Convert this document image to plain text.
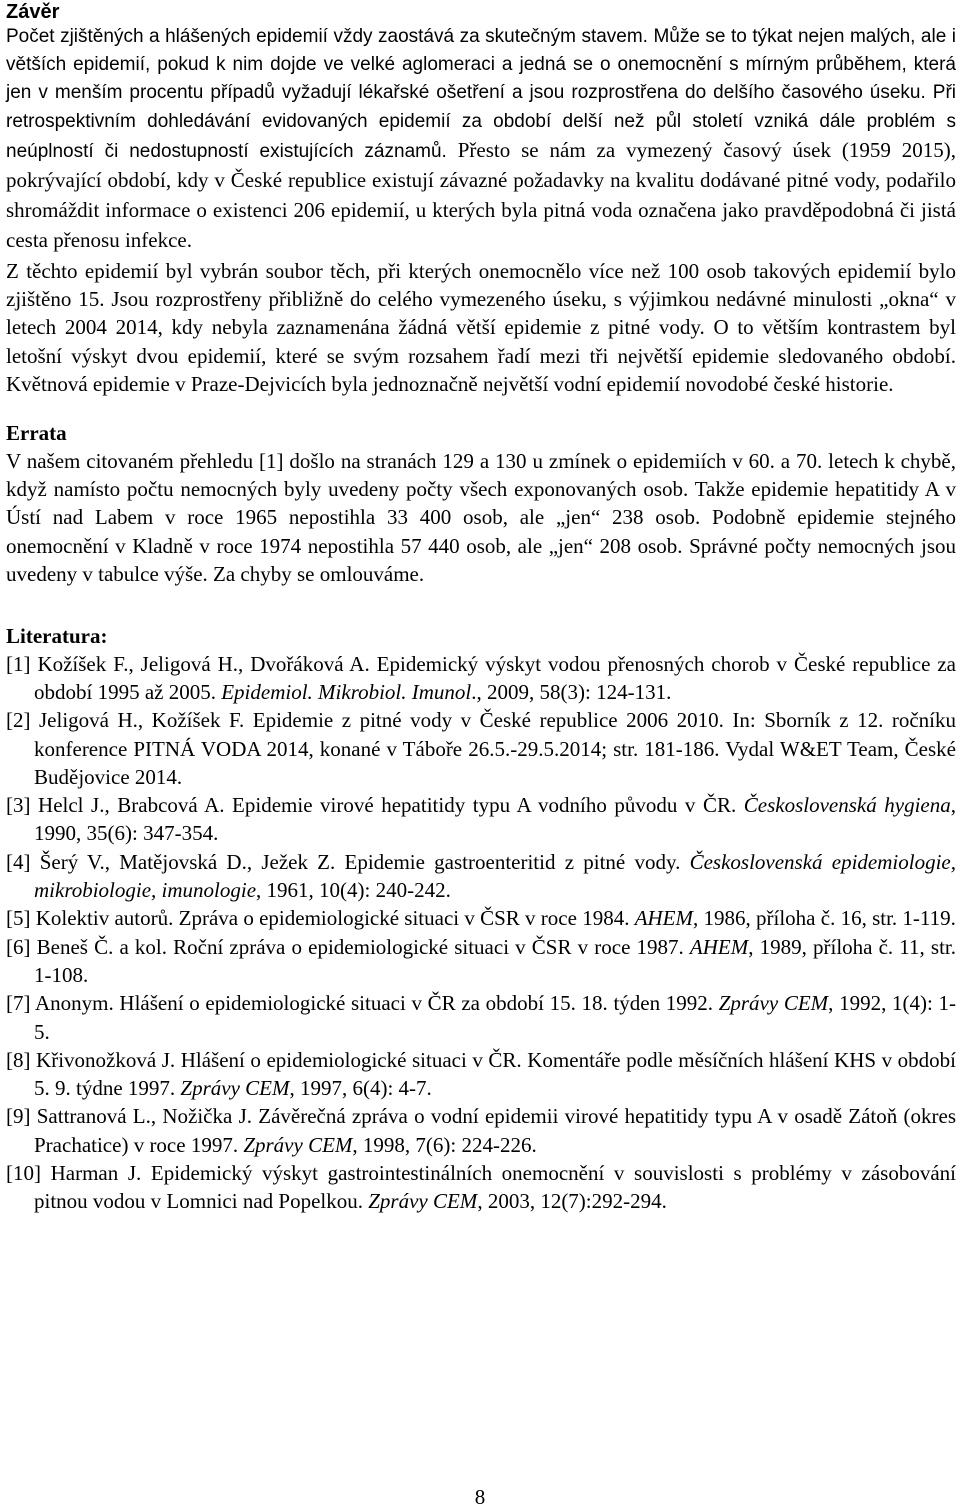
Závěr

Počet zjištěných a hlášených epidemií vždy zaostává za skutečným stavem. Může se to týkat nejen malých, ale i větších epidemií, pokud k nim dojde ve velké aglomeraci a jedná se o onemocnění s mírným průběhem, která jen v menším procentu případů vyžadují lékařské ošetření a jsou rozprostřena do delšího časového úseku. Při retrospektivním dohledávání evidovaných epidemií za období delší než půl století vzniká dále problém s neúplností či nedostupností existujících záznamů. Přesto se nám za vymezený časový úsek (1959 2015), pokrývající období, kdy v České republice existují závazné požadavky na kvalitu dodávané pitné vody, podařilo shromáždit informace o existenci 206 epidemií, u kterých byla pitná voda označena jako pravděpodobná či jistá cesta přenosu infekce.

Z těchto epidemií byl vybrán soubor těch, při kterých onemocnělo více než 100 osob takových epidemií bylo zjištěno 15. Jsou rozprostřeny přibližně do celého vymezeného úseku, s výjimkou nedávné minulosti „okna“ v letech 2004 2014, kdy nebyla zaznamenána žádná větší epidemie z pitné vody. O to větším kontrastem byl letošní výskyt dvou epidemií, které se svým rozsahem řadí mezi tři největší epidemie sledovaného období. Květnová epidemie v Praze-Dejvicích byla jednoznačně největší vodní epidemií novodobé české historie.

Errata

V našem citovaném přehledu [1] došlo na stranách 129 a 130 u zmínek o epidemiích v 60. a 70. letech k chybě, když namísto počtu nemocných byly uvedeny počty všech exponovaných osob. Takže epidemie hepatitidy A v Ústí nad Labem v roce 1965 nepostihla 33 400 osob, ale „jen“ 238 osob. Podobně epidemie stejného onemocnění v Kladně v roce 1974 nepostihla 57 440 osob, ale „jen“ 208 osob. Správné počty nemocných jsou uvedeny v tabulce výše. Za chyby se omlouváme.

Literatura:
[1] Kožíšek F., Jeligová H., Dvořáková A. Epidemický výskyt vodou přenosných chorob v České republice za období 1995 až 2005. Epidemiol. Mikrobiol. Imunol., 2009, 58(3): 124-131.
[2] Jeligová H., Kožíšek F. Epidemie z pitné vody v České republice 2006 2010. In: Sborník z 12. ročníku konference PITNÁ VODA 2014, konané v Táboře 26.5.-29.5.2014; str. 181-186. Vydal W&ET Team, České Budějovice 2014.
[3] Helcl J., Brabcová A. Epidemie virové hepatitidy typu A vodního původu v ČR. Československá hygiena, 1990, 35(6): 347-354.
[4] Šerý V., Matějovská D., Ježek Z. Epidemie gastroenteritid z pitné vody. Československá epidemiologie, mikrobiologie, imunologie, 1961, 10(4): 240-242.
[5] Kolektiv autorů. Zpráva o epidemiologické situaci v ČSR v roce 1984. AHEM, 1986, příloha č. 16, str. 1-119.
[6] Beneš Č. a kol. Roční zpráva o epidemiologické situaci v ČSR v roce 1987. AHEM, 1989, příloha č. 11, str. 1-108.
[7] Anonym. Hlášení o epidemiologické situaci v ČR za období 15. 18. týden 1992. Zprávy CEM, 1992, 1(4): 1-5.
[8] Křivonožková J. Hlášení o epidemiologické situaci v ČR. Komentáře podle měsíčních hlášení KHS v období 5. 9. týdne 1997. Zprávy CEM, 1997, 6(4): 4-7.
[9] Sattranová L., Nožička J. Závěrečná zpráva o vodní epidemii virové hepatitidy typu A v osadě Zátoň (okres Prachatice) v roce 1997. Zprávy CEM, 1998, 7(6): 224-226.
[10] Harman J. Epidemický výskyt gastrointestinálních onemocnění v souvislosti s problémy v zásobování pitnou vodou v Lomnici nad Popelkou. Zprávy CEM, 2003, 12(7):292-294.
8
